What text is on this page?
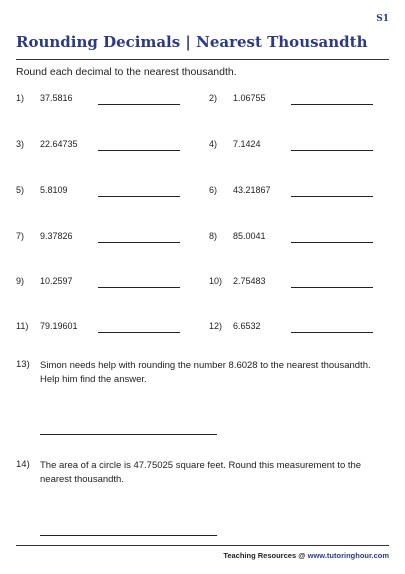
S1
Rounding Decimals | Nearest Thousandth
Round each decimal to the nearest thousandth.
1)	37.5816	2)	1.06755
3)	22.64735	4)	7.1424
5)	5.8109	6)	43.21867
7)	9.37826	8)	85.0041
9)	10.2597	10)	2.75483
11)	79.19601	12)	6.6532
13) Simon needs help with rounding the number 8.6028 to the nearest thousandth. Help him find the answer.
14) The area of a circle is 47.75025 square feet. Round this measurement to the nearest thousandth.
Teaching Resources @ www.tutoringhour.com
